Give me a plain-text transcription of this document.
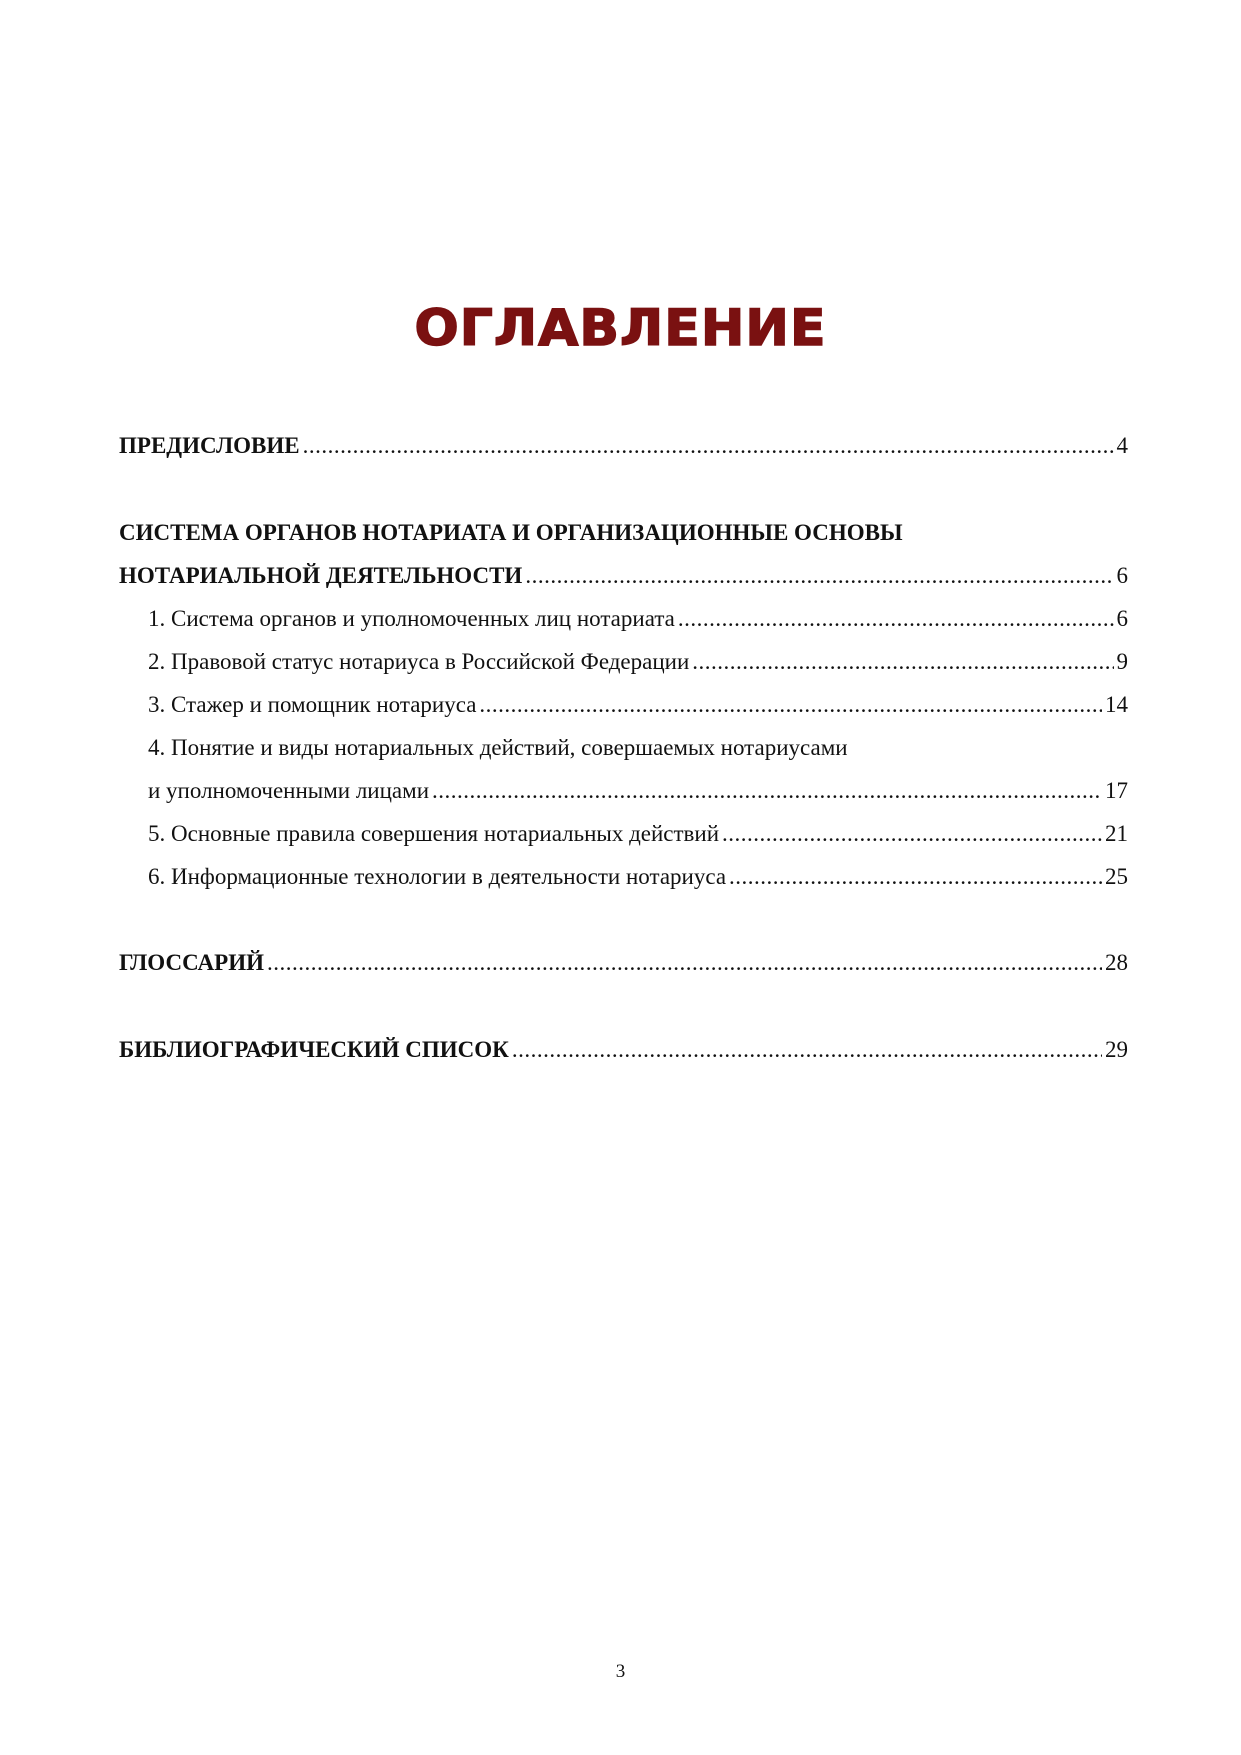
ОГЛАВЛЕНИЕ
ПРЕДИСЛОВИЕ .....	4
СИСТЕМА ОРГАНОВ НОТАРИАТА И ОРГАНИЗАЦИОННЫЕ ОСНОВЫ
НОТАРИАЛЬНОЙ ДЕЯТЕЛЬНОСТИ .....	6
1. Система органов и уполномоченных лиц нотариата .....	6
2. Правовой статус нотариуса в Российской Федерации .....	9
3. Стажер и помощник нотариуса .....	14
4. Понятие и виды нотариальных действий, совершаемых нотариусами
и уполномоченными лицами .....	17
5. Основные правила совершения нотариальных действий .....	21
6. Информационные технологии в деятельности нотариуса .....	25
ГЛОССАРИЙ .....	28
БИБЛИОГРАФИЧЕСКИЙ СПИСОК .....	29
3
